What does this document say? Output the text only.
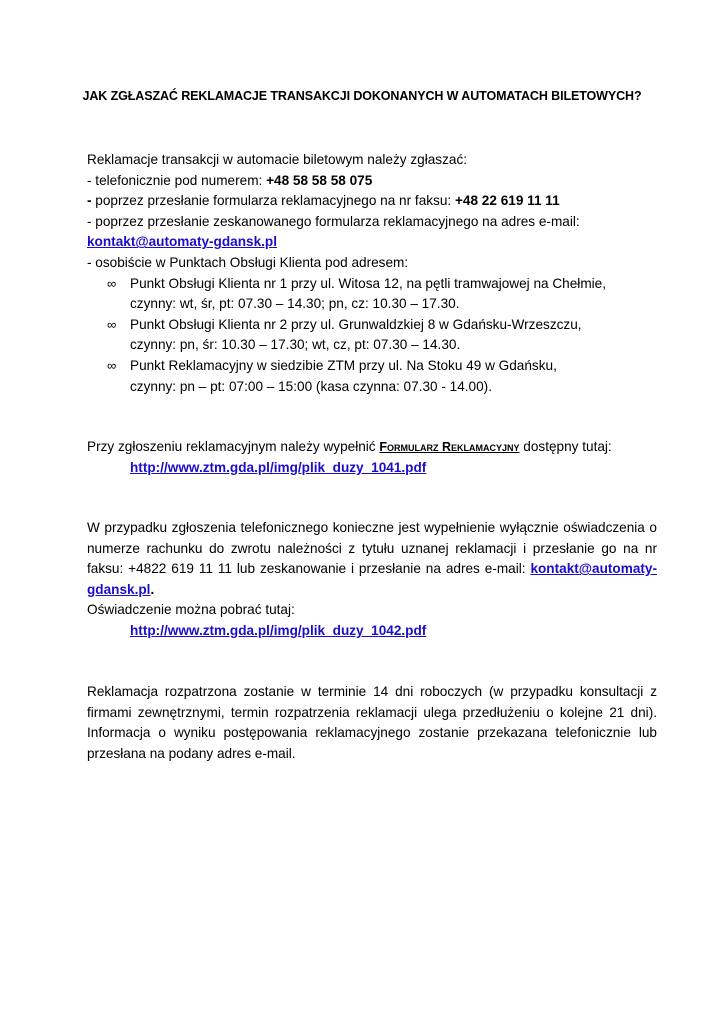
JAK ZGŁASZAĆ REKLAMACJE TRANSAKCJI DOKONANYCH W AUTOMATACH BILETOWYCH?
Reklamacje transakcji w automacie biletowym należy zgłaszać:
- telefonicznie pod numerem: +48 58 58 58 075
- poprzez przesłanie formularza reklamacyjnego na nr faksu: +48 22 619 11 11
- poprzez przesłanie zeskanowanego formularza reklamacyjnego na adres e-mail:
kontakt@automaty-gdansk.pl
- osobiście w Punktach Obsługi Klienta pod adresem:
∞ Punkt Obsługi Klienta nr 1 przy ul. Witosa 12, na pętli tramwajowej na Chełmie,
czynny: wt, śr, pt: 07.30 – 14.30; pn, cz: 10.30 – 17.30.
∞ Punkt Obsługi Klienta nr 2 przy ul. Grunwaldzkiej 8 w Gdańsku-Wrzeszczu,
czynny: pn, śr: 10.30 – 17.30; wt, cz, pt: 07.30 – 14.30.
∞ Punkt Reklamacyjny w siedzibie ZTM przy ul. Na Stoku 49 w Gdańsku,
czynny: pn – pt: 07:00 – 15:00 (kasa czynna: 07.30 - 14.00).
Przy zgłoszeniu reklamacyjnym należy wypełnić Formularz Reklamacyjny dostępny tutaj:
http://www.ztm.gda.pl/img/plik_duzy_1041.pdf
W przypadku zgłoszenia telefonicznego konieczne jest wypełnienie wyłącznie oświadczenia o numerze rachunku do zwrotu należności z tytułu uznanej reklamacji i przesłanie go na nr faksu: +4822 619 11 11 lub zeskanowanie i przesłanie na adres e-mail: kontakt@automaty-gdansk.pl.
Oświadczenie można pobrać tutaj:
http://www.ztm.gda.pl/img/plik_duzy_1042.pdf
Reklamacja rozpatrzona zostanie w terminie 14 dni roboczych (w przypadku konsultacji z firmami zewnętrznymi, termin rozpatrzenia reklamacji ulega przedłużeniu o kolejne 21 dni). Informacja o wyniku postępowania reklamacyjnego zostanie przekazana telefonicznie lub przesłana na podany adres e-mail.
